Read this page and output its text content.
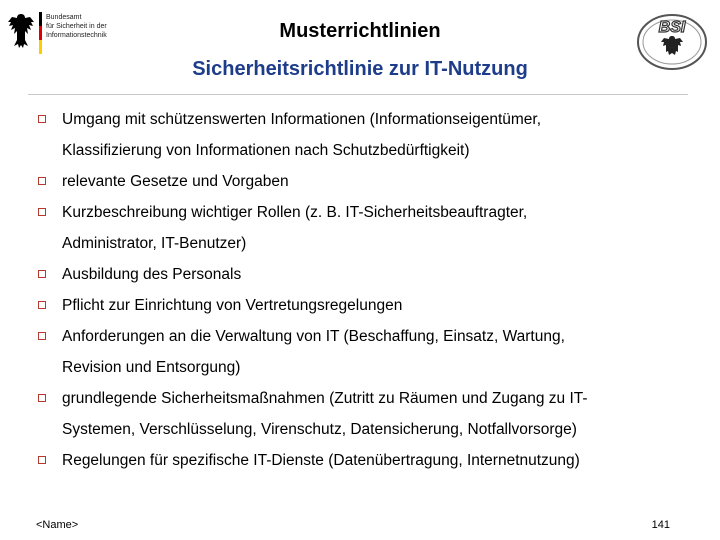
Bundesamt
für Sicherheit in der
Informationstechnik	Musterrichtlinien
Sicherheitsrichtlinie zur IT-Nutzung
BSI
Umgang mit schützenswerten Informationen (Informationseigentümer,
Klassifizierung von Informationen nach Schutzbedürftigkeit)
relevante Gesetze und Vorgaben
Kurzbeschreibung wichtiger Rollen (z. B. IT-Sicherheitsbeauftragter,
Administrator, IT-Benutzer)
Ausbildung des Personals
Pflicht zur Einrichtung von Vertretungsregelungen
Anforderungen an die Verwaltung von IT (Beschaffung, Einsatz, Wartung,
Revision und Entsorgung)
grundlegende Sicherheitsmaßnahmen (Zutritt zu Räumen und Zugang zu IT-
Systemen, Verschlüsselung, Virenschutz, Datensicherung, Notfallvorsorge)
Regelungen für spezifische IT-Dienste (Datenübertragung, Internetnutzung)
<Name>	141
